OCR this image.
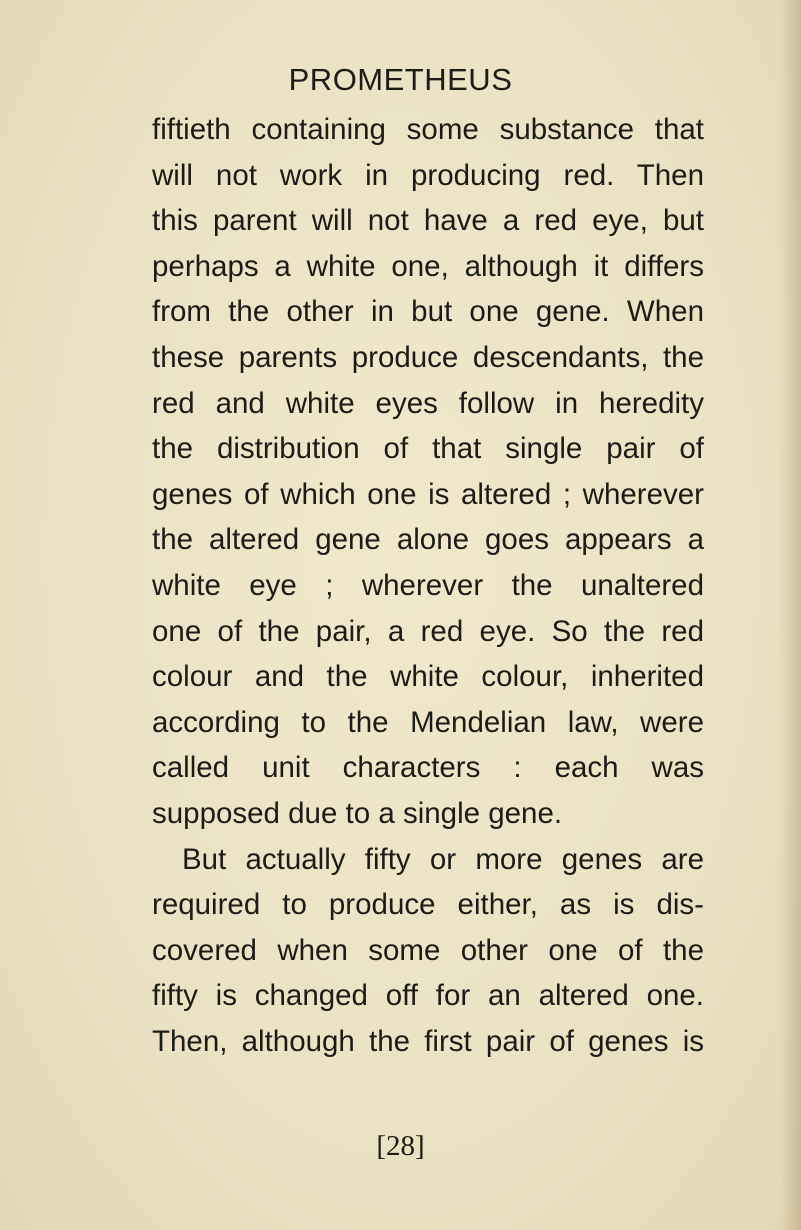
PROMETHEUS
fiftieth containing some substance that
will not work in producing red. Then
this parent will not have a red eye, but
perhaps a white one, although it differs
from the other in but one gene. When
these parents produce descendants, the
red and white eyes follow in heredity
the distribution of that single pair of
genes of which one is altered ; wherever
the altered gene alone goes appears a
white eye ; wherever the unaltered
one of the pair, a red eye. So the red
colour and the white colour, inherited
according to the Mendelian law, were
called unit characters : each was
supposed due to a single gene.
But actually fifty or more genes are
required to produce either, as is dis-
covered when some other one of the
fifty is changed off for an altered one.
Then, although the first pair of genes is
[28]
